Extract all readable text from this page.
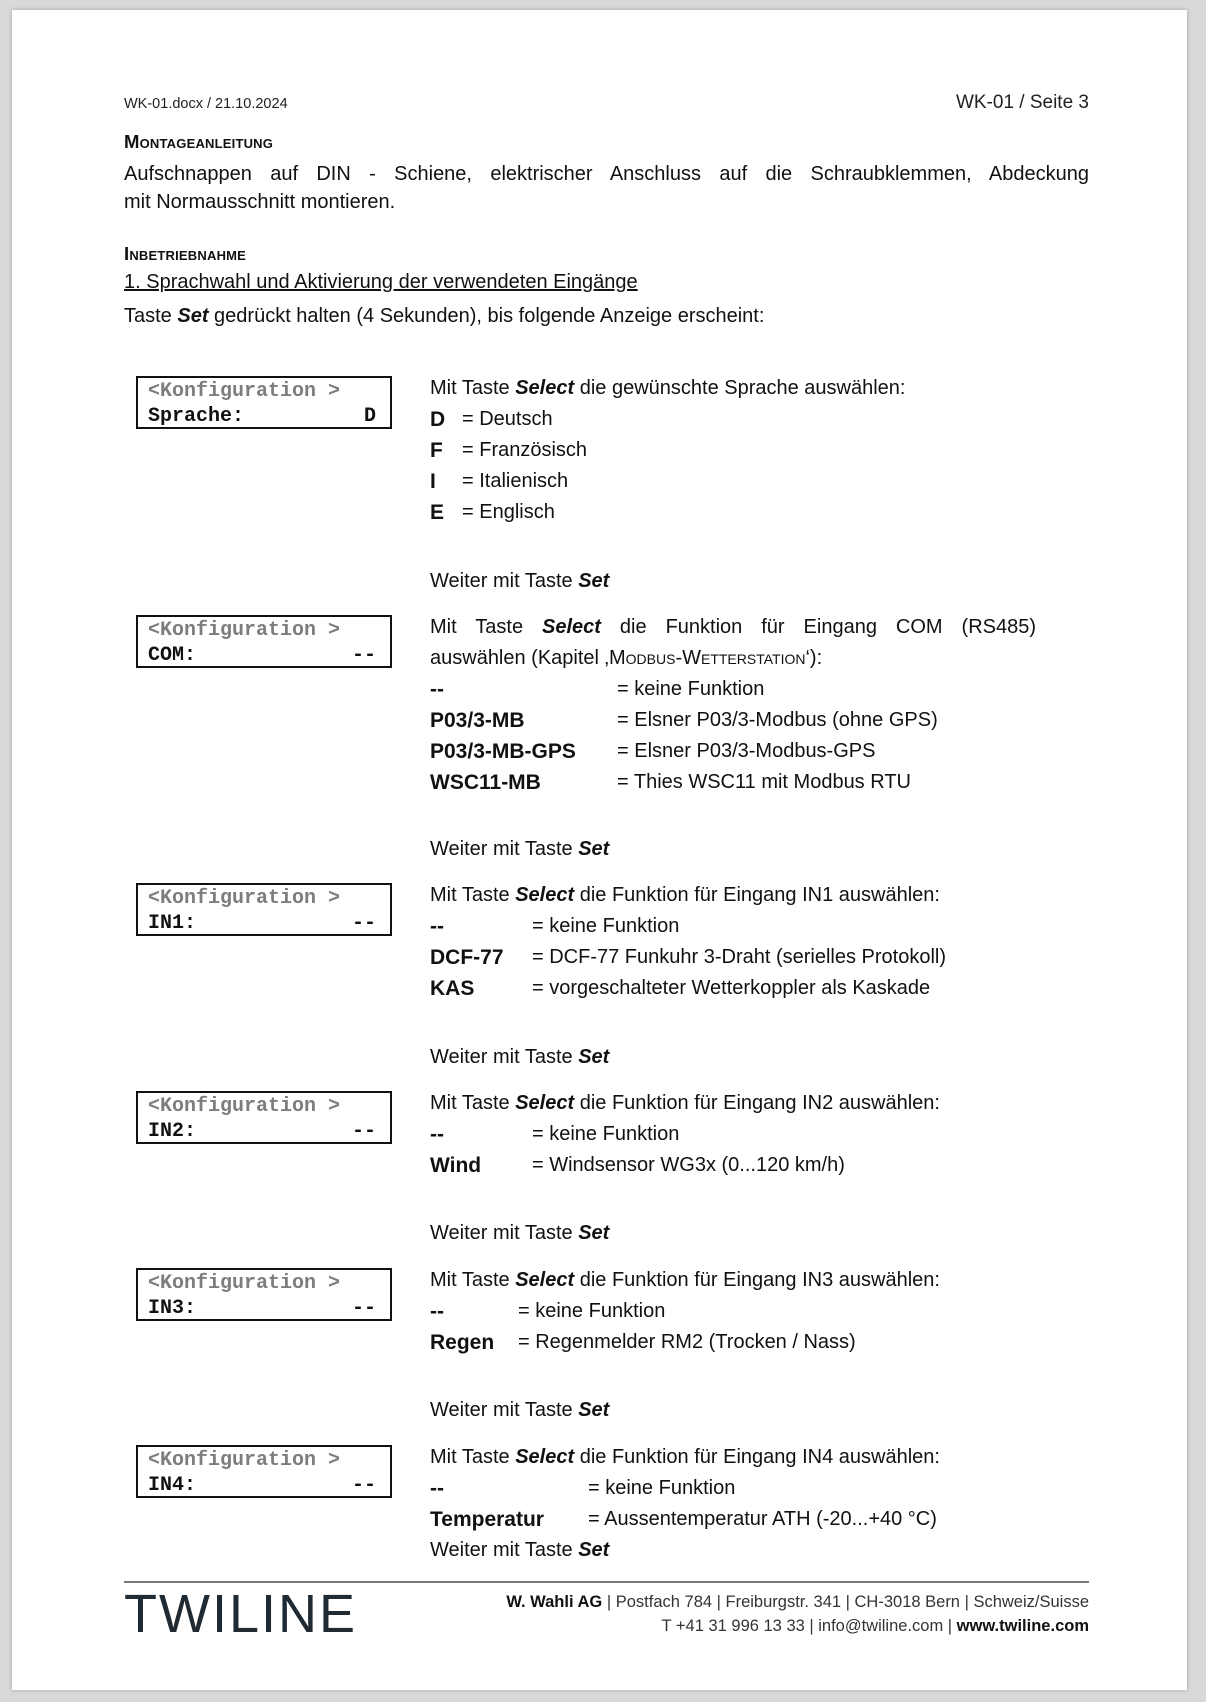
WK-01.docx / 21.10.2024	WK-01 / Seite 3
Montageanleitung
Aufschnappen auf DIN - Schiene, elektrischer Anschluss auf die Schraubklemmen, Abdeckung
mit Normausschnitt montieren.
Inbetriebnahme
1. Sprachwahl und Aktivierung der verwendeten Eingänge
Taste Set gedrückt halten (4 Sekunden), bis folgende Anzeige erscheint:
<Konfiguration >
Sprache:	D
Mit Taste Select die gewünschte Sprache auswählen:
D = Deutsch
F = Französisch
I	= Italienisch
E = Englisch
Weiter mit Taste Set
<Konfiguration >
COM:	--
Mit Taste Select die Funktion für Eingang COM (RS485)
auswählen (Kapitel ‚Modbus-Wetterstation‘):
--	= keine Funktion
P03/3-MB	= Elsner P03/3-Modbus (ohne GPS)
P03/3-MB-GPS	= Elsner P03/3-Modbus-GPS
WSC11-MB	= Thies WSC11 mit Modbus RTU
Weiter mit Taste Set
<Konfiguration >
IN1:	--
Mit Taste Select die Funktion für Eingang IN1 auswählen:
--	= keine Funktion
DCF-77	= DCF-77 Funkuhr 3-Draht (serielles Protokoll)
KAS	= vorgeschalteter Wetterkoppler als Kaskade
Weiter mit Taste Set
<Konfiguration >
IN2:	--
Mit Taste Select die Funktion für Eingang IN2 auswählen:
--	= keine Funktion
Wind	= Windsensor WG3x (0...120 km/h)
Weiter mit Taste Set
<Konfiguration >
IN3:	--
Mit Taste Select die Funktion für Eingang IN3 auswählen:
--	= keine Funktion
Regen	= Regenmelder RM2 (Trocken / Nass)
Weiter mit Taste Set
<Konfiguration >
IN4:	--
Mit Taste Select die Funktion für Eingang IN4 auswählen:
--	= keine Funktion
Temperatur	= Aussentemperatur ATH (-20...+40 °C)
Weiter mit Taste Set
TWILINE	W. Wahli AG | Postfach 784 | Freiburgstr. 341 | CH-3018 Bern | Schweiz/Suisse
T +41 31 996 13 33 | info@twiline.com | www.twiline.com
